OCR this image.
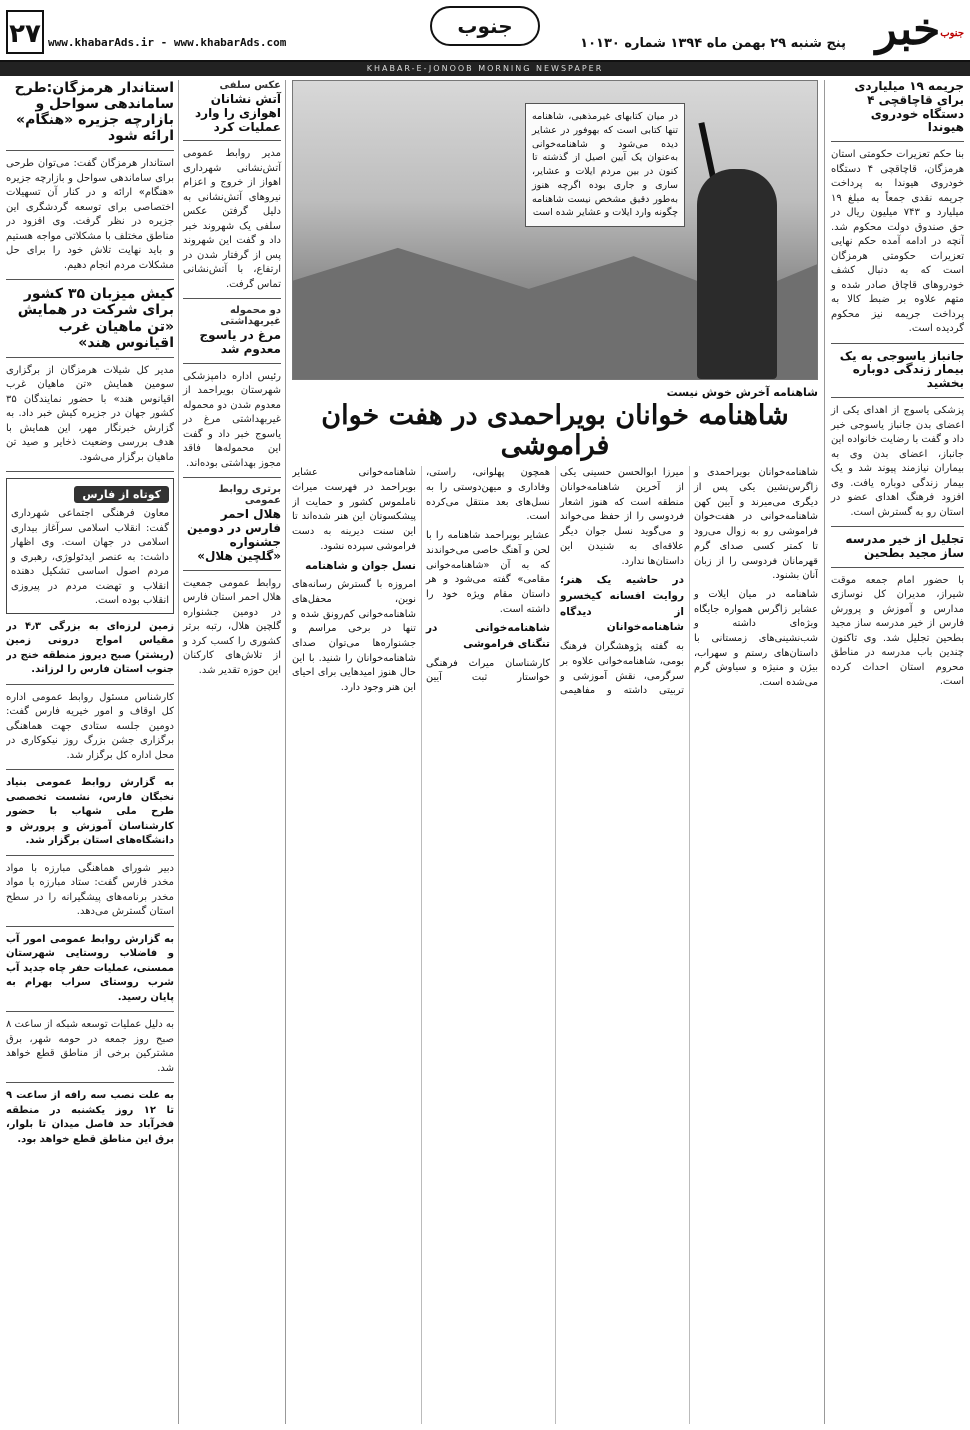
جنوب
خبر
پنج شنبه ۲۹ بهمن ماه ۱۳۹۴ شماره ۱۰۱۳۰
جنوب
www.khabarAds.ir - www.khabarAds.com
۲۷
KHABAR-E-JONOOB MORNING NEWSPAPER
جریمه ۱۹ میلیاردی برای قاچاقچی ۴ دستگاه خودروی هیوندا
بنا حکم تعزیرات حکومتی استان هرمزگان، قاچاقچی ۴ دستگاه خودروی هیوندا به پرداخت جریمه نقدی جمعاً به مبلغ ۱۹ میلیارد و ۷۴۳ میلیون ریال در حق صندوق دولت محکوم شد. آنچه در ادامه آمده حکم نهایی تعزیرات حکومتی هرمزگان است که به دنبال کشف خودروهای قاچاق صادر شده و متهم علاوه بر ضبط کالا به پرداخت جریمه نیز محکوم گردیده است.
جانباز یاسوجی به یک بیمار زندگی دوباره بخشید
پزشکی یاسوج از اهدای یکی از اعضای بدن جانباز یاسوجی خبر داد و گفت با رضایت خانواده این جانباز، اعضای بدن وی به بیماران نیازمند پیوند شد و یک بیمار زندگی دوباره یافت. وی افزود فرهنگ اهدای عضو در استان رو به گسترش است.
تجلیل از خیر مدرسه ساز مجید بطحین
با حضور امام جمعه موقت شیراز، مدیران کل نوسازی مدارس و آموزش و پرورش فارس از خیر مدرسه ساز مجید بطحین تجلیل شد. وی تاکنون چندین باب مدرسه در مناطق محروم استان احداث کرده است.
در میان کتابهای غیرمذهبی، شاهنامه تنها کتابی است که بهوفور در عشایر دیده می‌شود و شاهنامه‌خوانی به‌عنوان یک آیین اصیل از گذشته تا کنون در بین مردم ایلات و عشایر، ساری و جاری بوده اگرچه هنوز به‌طور دقیق مشخص نیست شاهنامه چگونه وارد ایلات و عشایر شده است
شاهنامه آخرش خوش نیست
شاهنامه خوانان بویراحمدی در هفت خوان فراموشی

شاهنامه‌خوانان بویراحمدی و زاگرس‌نشین یکی پس از دیگری می‌میرند و آیین کهن شاهنامه‌خوانی در هفت‌خوان فراموشی رو به زوال می‌رود تا کمتر کسی صدای گرم قهرمانان فردوسی را از زبان آنان بشنود.

شاهنامه در میان ایلات و عشایر زاگرس همواره جایگاه ویژه‌ای داشته و شب‌نشینی‌های زمستانی با داستان‌های رستم و سهراب، بیژن و منیژه و سیاوش گرم می‌شده است.

میرزا ابوالحسن حسینی یکی از آخرین شاهنامه‌خوانان منطقه است که هنوز اشعار فردوسی را از حفظ می‌خواند و می‌گوید نسل جوان دیگر علاقه‌ای به شنیدن این داستان‌ها ندارد.

در حاشیه یک هنر؛ روایت افسانه کیخسرو از دیدگاه شاهنامه‌خوانان

به گفته پژوهشگران فرهنگ بومی، شاهنامه‌خوانی علاوه بر سرگرمی، نقش آموزشی و تربیتی داشته و مفاهیمی همچون پهلوانی، راستی، وفاداری و میهن‌دوستی را به نسل‌های بعد منتقل می‌کرده است.

عشایر بویراحمد شاهنامه را با لحن و آهنگ خاصی می‌خواندند که به آن «شاهنامه‌خوانی مقامی» گفته می‌شود و هر داستان مقام ویژه خود را داشته است.

شاهنامه‌خوانی در تنگنای فراموشی

کارشناسان میراث فرهنگی خواستار ثبت آیین شاهنامه‌خوانی عشایر بویراحمد در فهرست میراث ناملموس کشور و حمایت از پیشکسوتان این هنر شده‌اند تا این سنت دیرینه به دست فراموشی سپرده نشود.

نسل جوان و شاهنامه

امروزه با گسترش رسانه‌های نوین، محفل‌های شاهنامه‌خوانی کم‌رونق شده و تنها در برخی مراسم و جشنواره‌ها می‌توان صدای شاهنامه‌خوانان را شنید. با این حال هنوز امیدهایی برای احیای این هنر وجود دارد.

عکس سلفی
آتش نشانان اهوازی را وارد عملیات کرد
مدیر روابط عمومی آتش‌نشانی شهرداری اهواز از خروج و اعزام نیروهای آتش‌نشانی به دلیل گرفتن عکس سلفی یک شهروند خبر داد و گفت این شهروند پس از گرفتار شدن در ارتفاع، با آتش‌نشانی تماس گرفت.
دو محموله غیربهداشتی
مرغ در یاسوج معدوم شد
رئیس اداره دامپزشکی شهرستان بویراحمد از معدوم شدن دو محموله غیربهداشتی مرغ در یاسوج خبر داد و گفت این محموله‌ها فاقد مجوز بهداشتی بوده‌اند.
برتری روابط عمومی
هلال احمر فارس در دومین جشنواره «گلچین هلال»
روابط عمومی جمعیت هلال احمر استان فارس در دومین جشنواره گلچین هلال، رتبه برتر کشوری را کسب کرد و از تلاش‌های کارکنان این حوزه تقدیر شد.
استاندار هرمزگان:طرح ساماندهی سواحل و بازارچه جزیره «هنگام» ارائه شود
استاندار هرمزگان گفت: می‌توان طرحی برای ساماندهی سواحل و بازارچه جزیره «هنگام» ارائه و در کنار آن تسهیلات اختصاصی برای توسعه گردشگری این جزیره در نظر گرفت. وی افزود در مناطق مختلف با مشکلاتی مواجه هستیم و باید نهایت تلاش خود را برای حل مشکلات مردم انجام دهیم.
کیش میزبان ۳۵ کشور برای شرکت در همایش «تن ماهیان غرب اقیانوس هند»
مدیر کل شیلات هرمزگان از برگزاری سومین همایش «تن ماهیان غرب اقیانوس هند» با حضور نمایندگان ۳۵ کشور جهان در جزیره کیش خبر داد. به گزارش خبرنگار مهر، این همایش با هدف بررسی وضعیت ذخایر و صید تن ماهیان برگزار می‌شود.
کوتاه از فارس
معاون فرهنگی اجتماعی شهرداری گفت: انقلاب اسلامی سرآغاز بیداری اسلامی در جهان است. وی اظهار داشت: به عنصر ایدئولوژی، رهبری و مردم اصول اساسی تشکیل دهنده انقلاب و تهضت مردم در پیروزی انقلاب بوده است.
زمین لرزه‌ای به بزرگی ۴٫۳ در مقیاس امواج درونی زمین (ریشتر) صبح دیروز منطقه خنج در جنوب استان فارس را لرزاند.
کارشناس مسئول روابط عمومی اداره کل اوقاف و امور خیریه فارس گفت: دومین جلسه ستادی جهت هماهنگی برگزاری جشن بزرگ روز نیکوکاری در محل اداره کل برگزار شد.
به گزارش روابط عمومی بنیاد نخبگان فارس، نشست تخصصی طرح ملی شهاب با حضور کارشناسان آموزش و پرورش و دانشگاه‌های استان برگزار شد.
دبیر شورای هماهنگی مبارزه با مواد مخدر فارس گفت: ستاد مبارزه با مواد مخدر برنامه‌های پیشگیرانه را در سطح استان گسترش می‌دهد.
به گزارش روابط عمومی امور آب و فاضلاب روستایی شهرستان ممسنی، عملیات حفر چاه جدید آب شرب روستای سراب بهرام به پایان رسید.
به دلیل عملیات توسعه شبکه از ساعت ۸ صبح روز جمعه در حومه شهر، برق مشترکین برخی از مناطق قطع خواهد شد.
به علت نصب سه رافه از ساعت ۹ تا ۱۲ روز یکشنبه در منطقه فخرآباد حد فاصل میدان تا بلوار، برق این مناطق قطع خواهد بود.
